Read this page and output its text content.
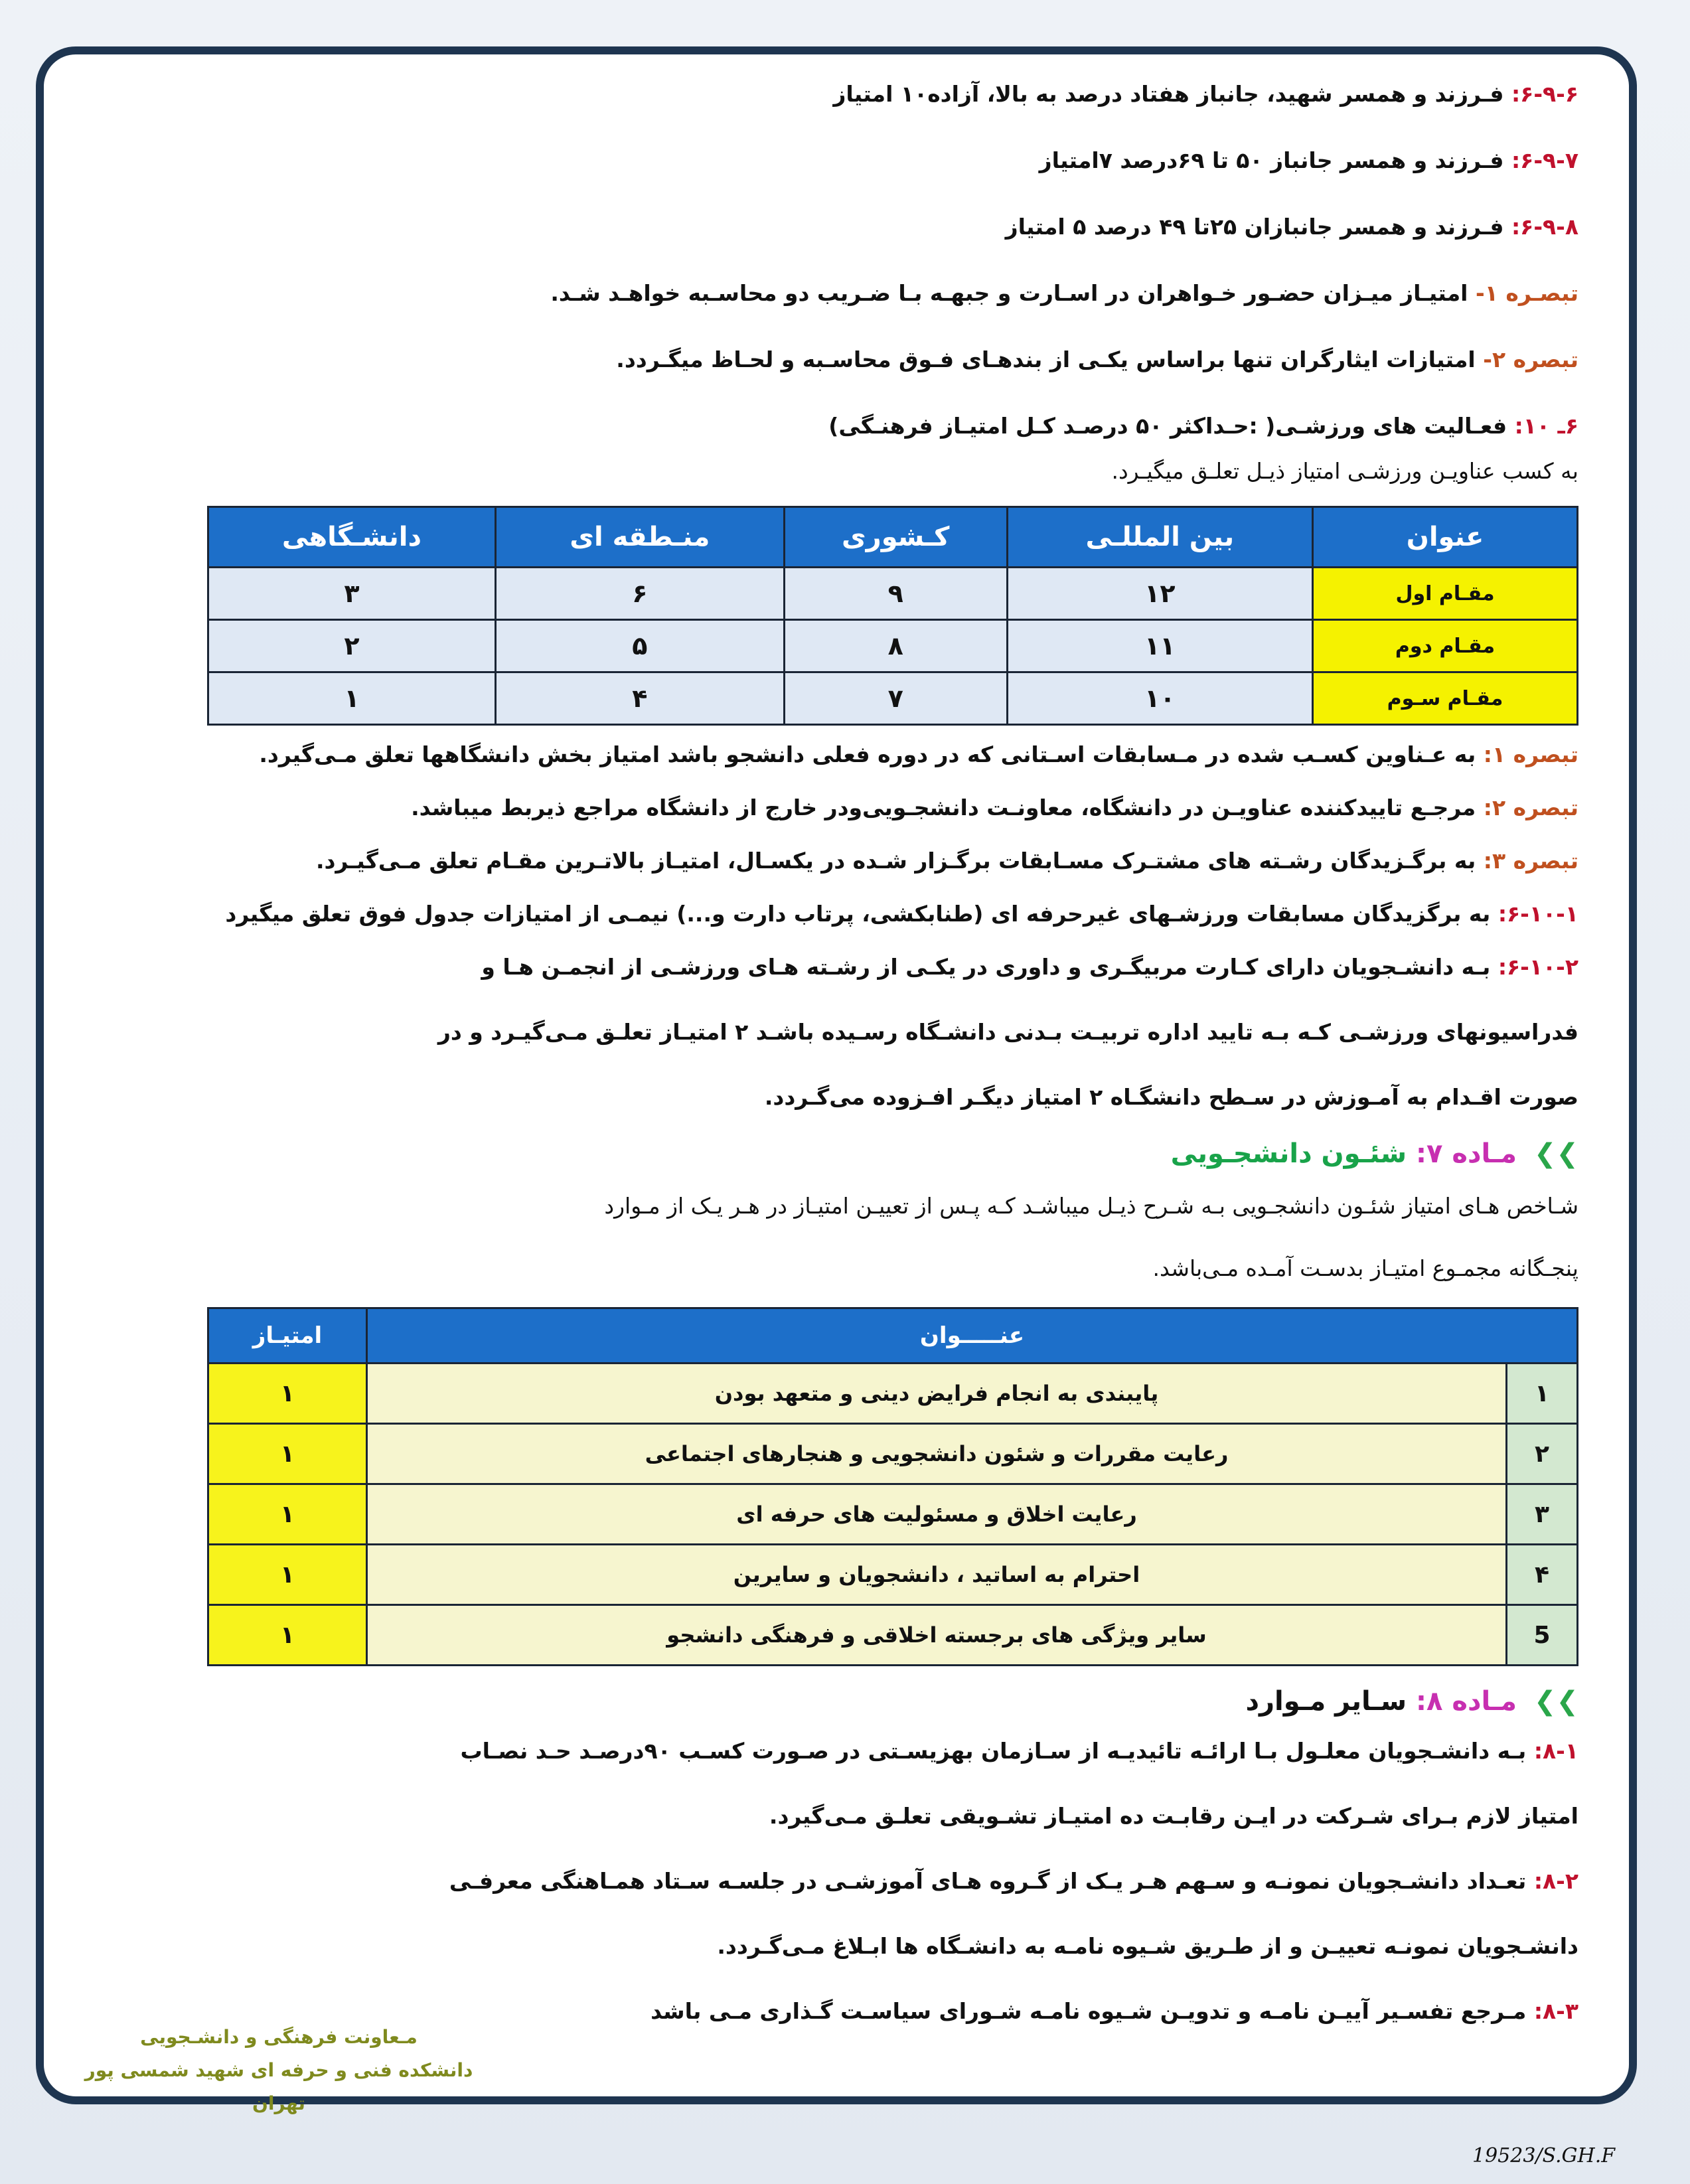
۶-۹-۶: فـرزند و همسر شهید، جانباز هفتاد درصد به بالا، آزاده۱۰ امتیاز
۶-۹-۷: فـرزند و همسر جانباز ۵۰ تا ۶۹درصد ۷امتیاز
۶-۹-۸: فـرزند و همسر جانبازان ۲۵تا ۴۹ درصد ۵ امتیاز
تبصـره ۱- امتیـاز میـزان حضـور خـواهران در اسـارت و جبهـه بـا ضـریب دو محاسـبه خواهـد شـد.
تبصره ۲- امتیازات ایثارگران تنها براساس یکـی از بندهـای فـوق محاسـبه و لحـاظ میگـردد.
۶ـ ۱۰: فعـالیت های ورزشـی( :حـداکثر ۵۰ درصـد کـل امتیـاز فرهنـگی)
به کسب عناویـن ورزشـی امتیاز ذیـل تعلـق میگیـرد.
عنوان	بین المللـی	کـشوری	منـطقه ای	دانشـگاهی
مقـام اول	۱۲	۹	۶	۳
مقـام دوم	۱۱	۸	۵	۲
مقـام سـوم	۱۰	۷	۴	۱
تبصره ۱: به عـناوین کسـب شده در مـسابقات اسـتانی که در دوره فعلی دانشجو باشد امتیاز بخش دانشگاهها تعلق مـی‌گیرد.
تبصره ۲: مرجـع تاییدکننده عناویـن در دانشگاه، معاونـت دانشجـویی‌ودر خارج از دانشگاه مراجع ذیربط میباشد.
تبصره ۳: به برگـزیدگان رشـته های مشتـرک مسـابقات برگـزار شـده در یکسـال، امتیـاز بالاتـرین مقـام تعلق مـی‌گیـرد.
۶-۱۰-۱: به برگزیدگان مسابقات ورزشـهای غیرحرفه ای (طنابکشی، پرتاب دارت و...) نیمـی از امتیازات جدول فوق تعلق میگیرد
۶-۱۰-۲: بـه دانشـجویان دارای کـارت مربیگـری و داوری در یکـی از رشـته هـای ورزشـی از انجمـن هـا و
فدراسیونهای ورزشـی کـه بـه تایید اداره تربیـت بـدنی دانشـگاه رسـیده باشـد ۲ امتیـاز تعلـق مـی‌گیـرد و در
صورت اقـدام به آمـوزش در سـطح دانشگـاه ۲ امتیاز دیگـر افـزوده می‌گـردد.
❯❯
مـاده ۷:

شئـون دانشجـویی
شـاخص هـای امتیاز شئـون دانشجـویی بـه شـرح ذیـل میباشـد کـه پـس از تعییـن امتیـاز در هـر یـک از مـوارد
پنجـگانه مجمـوع امتیـاز بدسـت آمـده مـی‌باشد.
عنـــــوان		امتیـاز
۱	پایبندی به انجام فرایض دینی و متعهد بودن	۱
۲	رعایت مقررات و شئون دانشجویی و هنجارهای اجتماعی	۱
۳	رعایت اخلاق و مسئولیت های حرفه ای	۱
۴	احترام به اساتید ، دانشجویان و سایرین	۱
5	سایر ویژگی های برجسته اخلاقی و فرهنگی دانشجو	۱
❯❯
مـاده ۸:

سـایر مـوارد
۸-۱: بـه دانشـجویان معلـول بـا ارائـه تائیدیـه از سـازمان بهزیسـتی در صـورت کسـب ۹۰درصـد حـد نصـاب
امتیاز لازم بـرای شـرکت در ایـن رقابـت ده امتیـاز تشـویقی تعلـق مـی‌گیرد.
۸-۲: تعـداد دانشـجویان نمونـه و سـهم هـر یـک از گـروه هـای آموزشـی در جلسـه سـتاد همـاهنگی معرفـی
دانشـجویان نمونـه تعییـن و از طـریق شـیوه نامـه به دانشـگاه ها ابـلاغ مـی‌گـردد.
۸-۳: مـرجع تفسـیر آییـن نامـه و تدویـن شـیوه نامـه شـورای سیاسـت گـذاری مـی باشد
مـعاونت فرهنگی و دانشـجویی
دانشکده فنی و حرفه ای شهید شمسی پور تهران
19523/S.GH.F
